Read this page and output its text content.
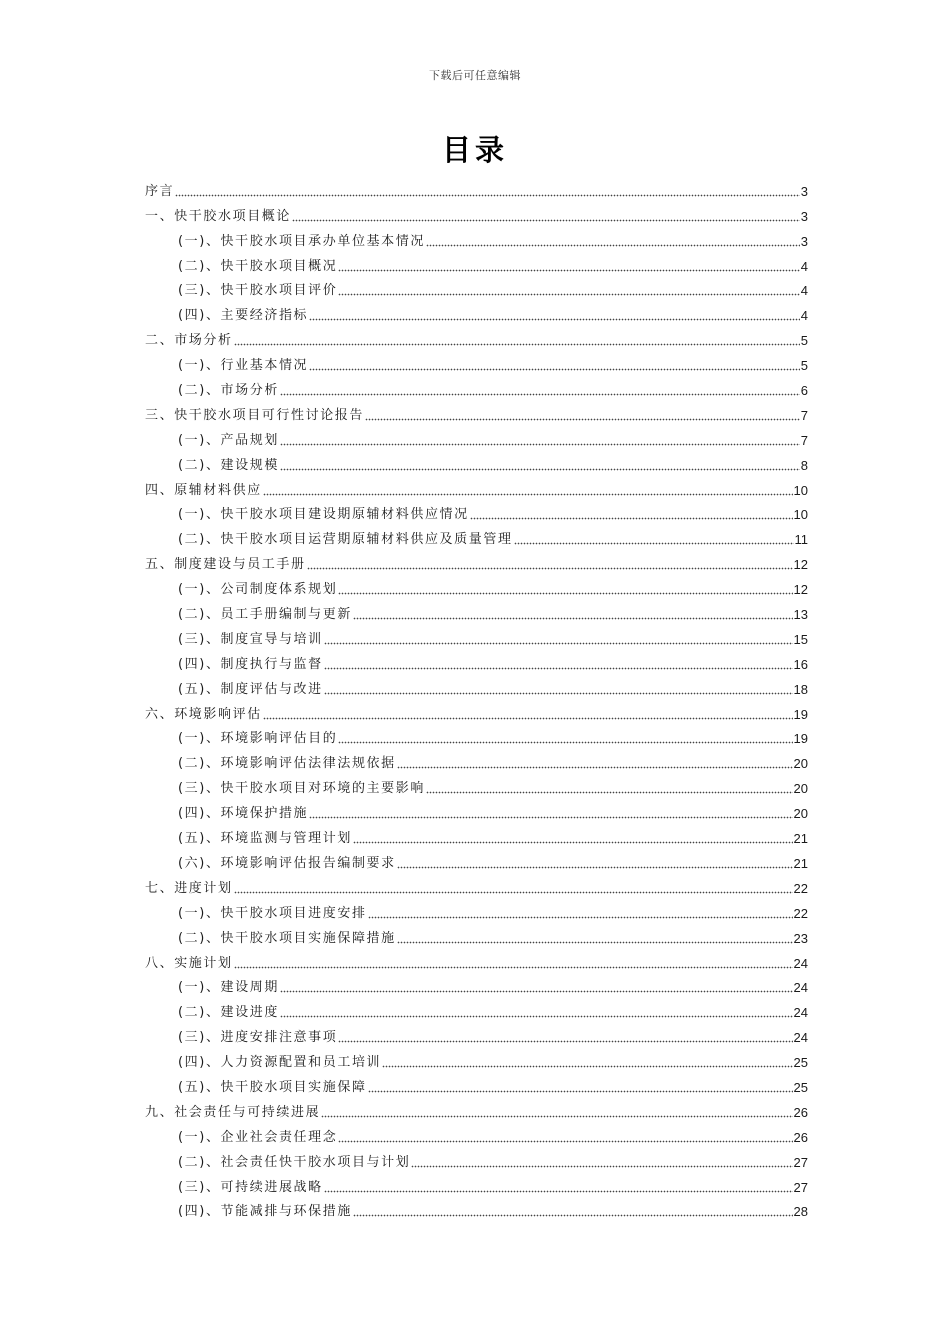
下载后可任意编辑
目录
序言	3
一、快干胶水项目概论	3
(一)、快干胶水项目承办单位基本情况	3
(二)、快干胶水项目概况	4
(三)、快干胶水项目评价	4
(四)、主要经济指标	4
二、市场分析	5
(一)、行业基本情况	5
(二)、市场分析	6
三、快干胶水项目可行性讨论报告	7
(一)、产品规划	7
(二)、建设规模	8
四、原辅材料供应	10
(一)、快干胶水项目建设期原辅材料供应情况	10
(二)、快干胶水项目运营期原辅材料供应及质量管理	11
五、制度建设与员工手册	12
(一)、公司制度体系规划	12
(二)、员工手册编制与更新	13
(三)、制度宣导与培训	15
(四)、制度执行与监督	16
(五)、制度评估与改进	18
六、环境影响评估	19
(一)、环境影响评估目的	19
(二)、环境影响评估法律法规依据	20
(三)、快干胶水项目对环境的主要影响	20
(四)、环境保护措施	20
(五)、环境监测与管理计划	21
(六)、环境影响评估报告编制要求	21
七、进度计划	22
(一)、快干胶水项目进度安排	22
(二)、快干胶水项目实施保障措施	23
八、实施计划	24
(一)、建设周期	24
(二)、建设进度	24
(三)、进度安排注意事项	24
(四)、人力资源配置和员工培训	25
(五)、快干胶水项目实施保障	25
九、社会责任与可持续进展	26
(一)、企业社会责任理念	26
(二)、社会责任快干胶水项目与计划	27
(三)、可持续进展战略	27
(四)、节能减排与环保措施	28
